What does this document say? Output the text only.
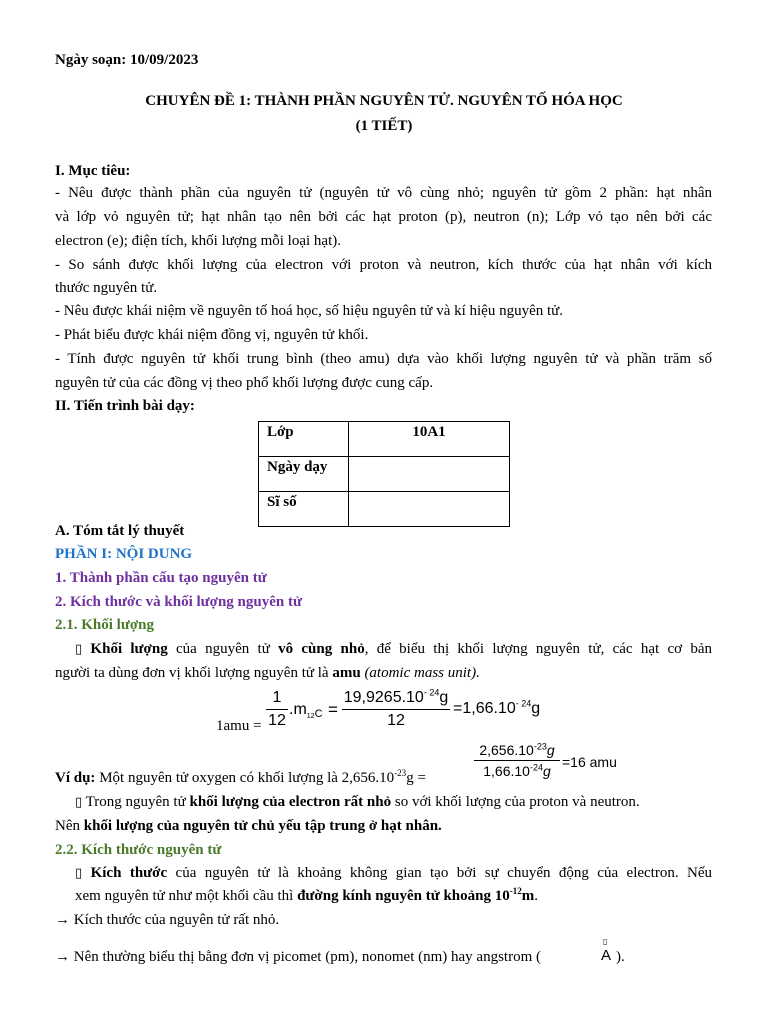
Ngày soạn: 10/09/2023
CHUYÊN ĐỀ 1: THÀNH PHẦN NGUYÊN TỬ. NGUYÊN TỐ HÓA HỌC
(1 TIẾT)
I. Mục tiêu:
- Nêu được thành phần của nguyên tử (nguyên tử vô cùng nhỏ; nguyên tử gồm 2 phần: hạt nhân
và lớp vỏ nguyên tử; hạt nhân tạo nên bởi các hạt proton (p), neutron (n); Lớp vỏ tạo nên bởi các
electron (e); điện tích, khối lượng mỗi loại hạt).
- So sánh được khối lượng của electron với proton và neutron, kích thước của hạt nhân với kích
thước nguyên tử.
- Nêu được khái niệm về nguyên tố hoá học, số hiệu nguyên tử và kí hiệu nguyên tử.
- Phát biểu được khái niệm đồng vị, nguyên tử khối.
- Tính được nguyên tử khối trung bình (theo amu) dựa vào khối lượng nguyên tử và phần trăm số
nguyên tử của các đồng vị theo phổ khối lượng được cung cấp.
II. Tiến trình bài dạy:
Lớp	10A1
Ngày dạy	
Sĩ số	
A. Tóm tắt lý thuyết
PHẦN I: NỘI DUNG
1. Thành phần cấu tạo nguyên tử
2. Kích thước và khối lượng nguyên tử
2.1. Khối lượng
▯ Khối lượng của nguyên tử vô cùng nhỏ, để biểu thị khối lượng nguyên tử, các hạt cơ bản
người ta dùng đơn vị khối lượng nguyên tử là amu (atomic mass unit).
1amu =
1
12
$.m_{12}C$ =
$19,9265.10^{- 24}g$
12
$=1,66.10^{- 24}g$
Ví dụ: Một nguyên tử oxygen có khối lượng là $2,656.10^{-23}g$ =
$2,656.10^{-23}g$
$1,66.10^{-24}g$
=16 amu
▯ Trong nguyên tử khối lượng của electron rất nhỏ so với khối lượng của proton và neutron.
Nên khối lượng của nguyên tử chủ yếu tập trung ở hạt nhân.
2.2. Kích thước nguyên tử
▯ Kích thước của nguyên tử là khoảng không gian tạo bởi sự chuyển động của electron. Nếu
xem nguyên tử như một khối cầu thì đường kính nguyên tử khoảng $10^{-12}m$.
→ Kích thước của nguyên tử rất nhỏ.
→ Nên thường biểu thị bằng đơn vị picomet (pm), nonomet (nm) hay angstrom (
▯
A ).
